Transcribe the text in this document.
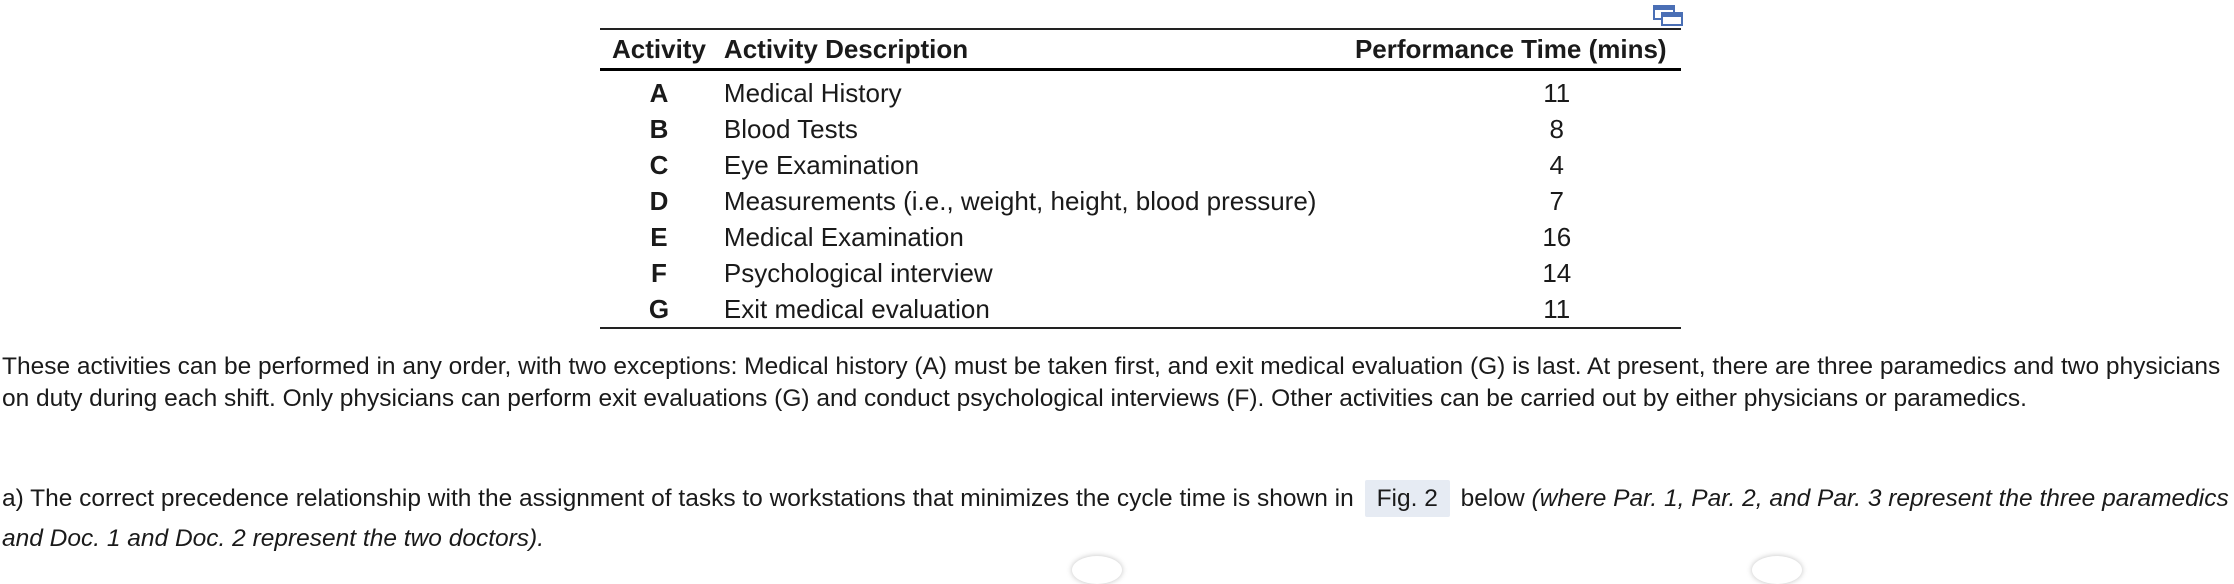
Activity	Activity Description	Performance Time (mins)
A	Medical History	11
B	Blood Tests	8
C	Eye Examination	4
D	Measurements (i.e., weight, height, blood pressure)	7
E	Medical Examination	16
F	Psychological interview	14
G	Exit medical evaluation	11

These activities can be performed in any order, with two exceptions: Medical history (A) must be taken first, and exit medical evaluation (G) is last. At present, there are three paramedics and two physicians on duty during each shift. Only physicians can perform exit evaluations (G) and conduct psychological interviews (F). Other activities can be carried out by either physicians or paramedics.

a) The correct precedence relationship with the assignment of tasks to workstations that minimizes the cycle time is shown in Fig. 2 below (where Par. 1, Par. 2, and Par. 3 represent the three paramedics and Doc. 1 and Doc. 2 represent the two doctors).
